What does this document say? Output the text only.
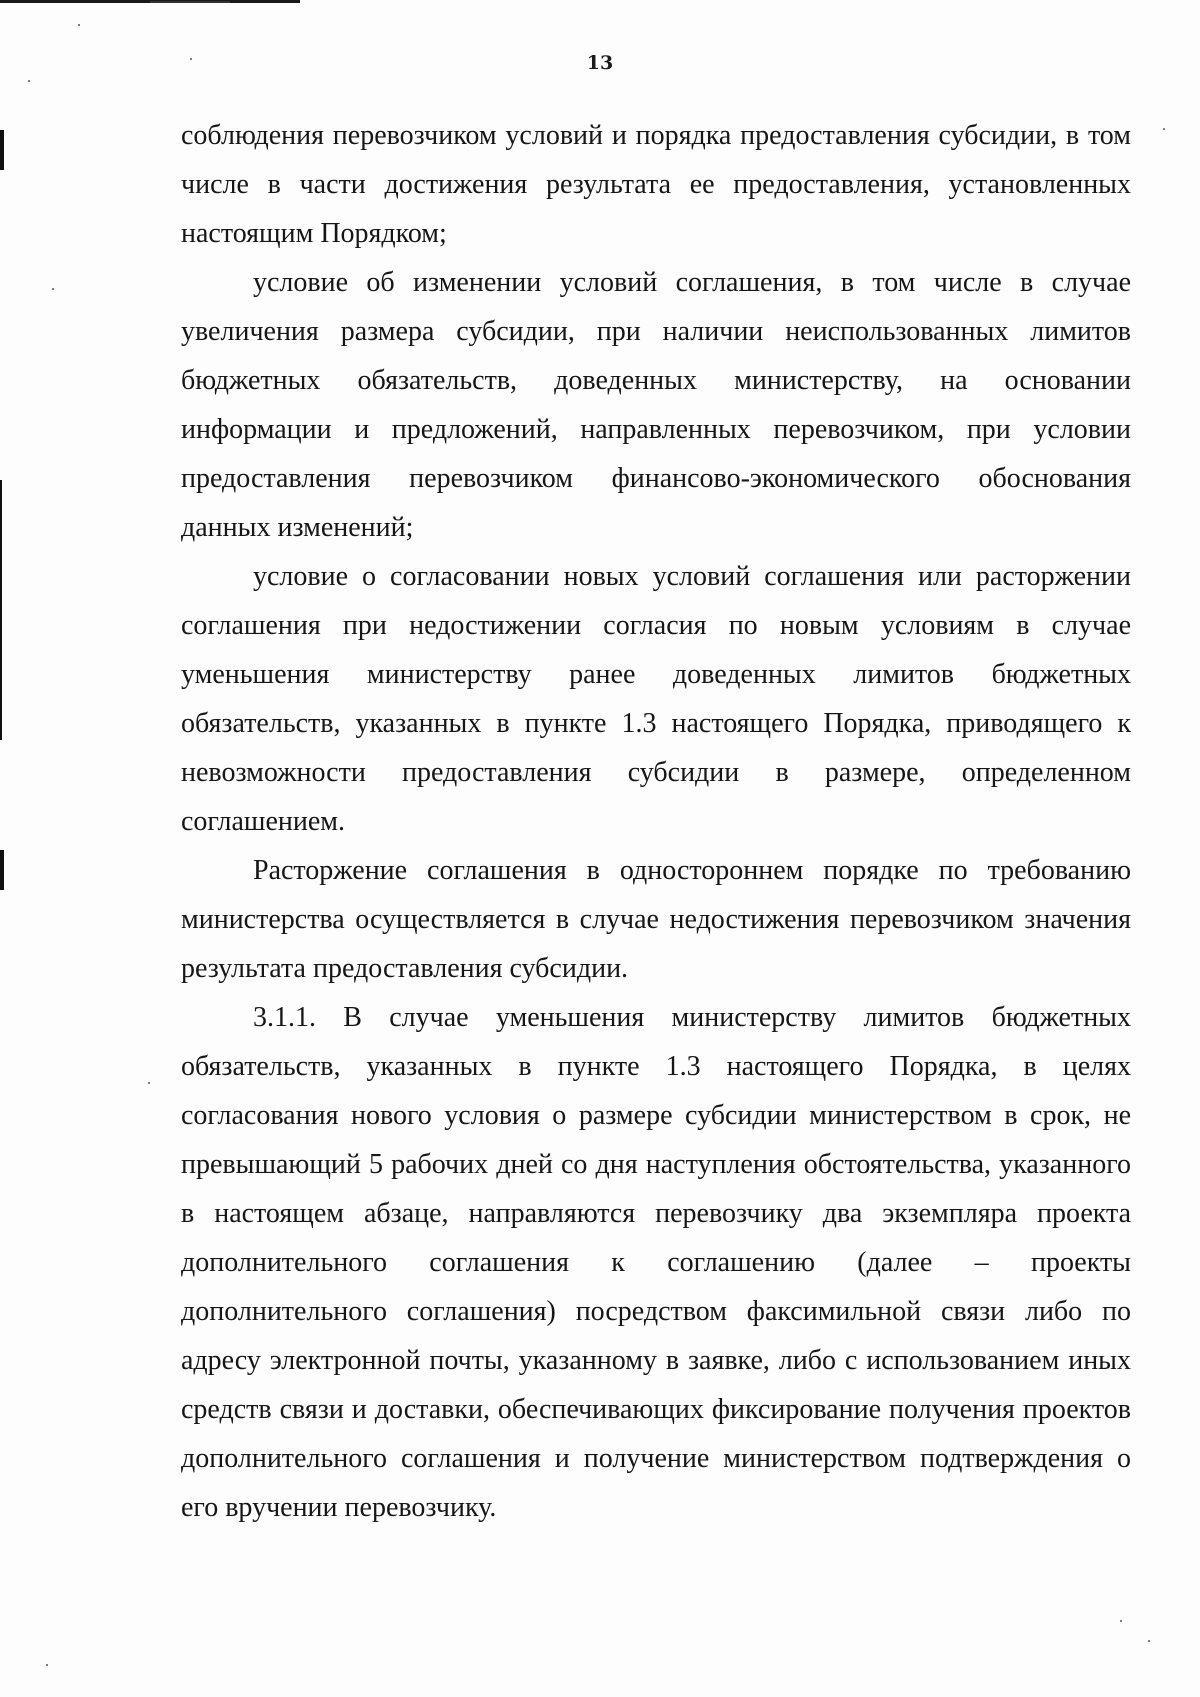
13

соблюдения перевозчиком условий и порядка предоставления субсидии, в том числе в части достижения результата ее предоставления, установленных настоящим Порядком;

условие об изменении условий соглашения, в том числе в случае увеличения размера субсидии, при наличии неиспользованных лимитов бюджетных обязательств, доведенных министерству, на основании информации и предложений, направленных перевозчиком, при условии предоставления перевозчиком финансово-экономического обоснования данных изменений;

условие о согласовании новых условий соглашения или расторжении соглашения при недостижении согласия по новым условиям в случае уменьшения министерству ранее доведенных лимитов бюджетных обязательств, указанных в пункте 1.3 настоящего Порядка, приводящего к невозможности предоставления субсидии в размере, определенном соглашением.

Расторжение соглашения в одностороннем порядке по требованию министерства осуществляется в случае недостижения перевозчиком значения результата предоставления субсидии.

3.1.1. В случае уменьшения министерству лимитов бюджетных обязательств, указанных в пункте 1.3 настоящего Порядка, в целях согласования нового условия о размере субсидии министерством в срок, не превышающий 5 рабочих дней со дня наступления обстоятельства, указанного в настоящем абзаце, направляются перевозчику два экземпляра проекта дополнительного соглашения к соглашению (далее – проекты дополнительного соглашения) посредством факсимильной связи либо по адресу электронной почты, указанному в заявке, либо с использованием иных средств связи и доставки, обеспечивающих фиксирование получения проектов дополнительного соглашения и получение министерством подтверждения о его вручении перевозчику.
